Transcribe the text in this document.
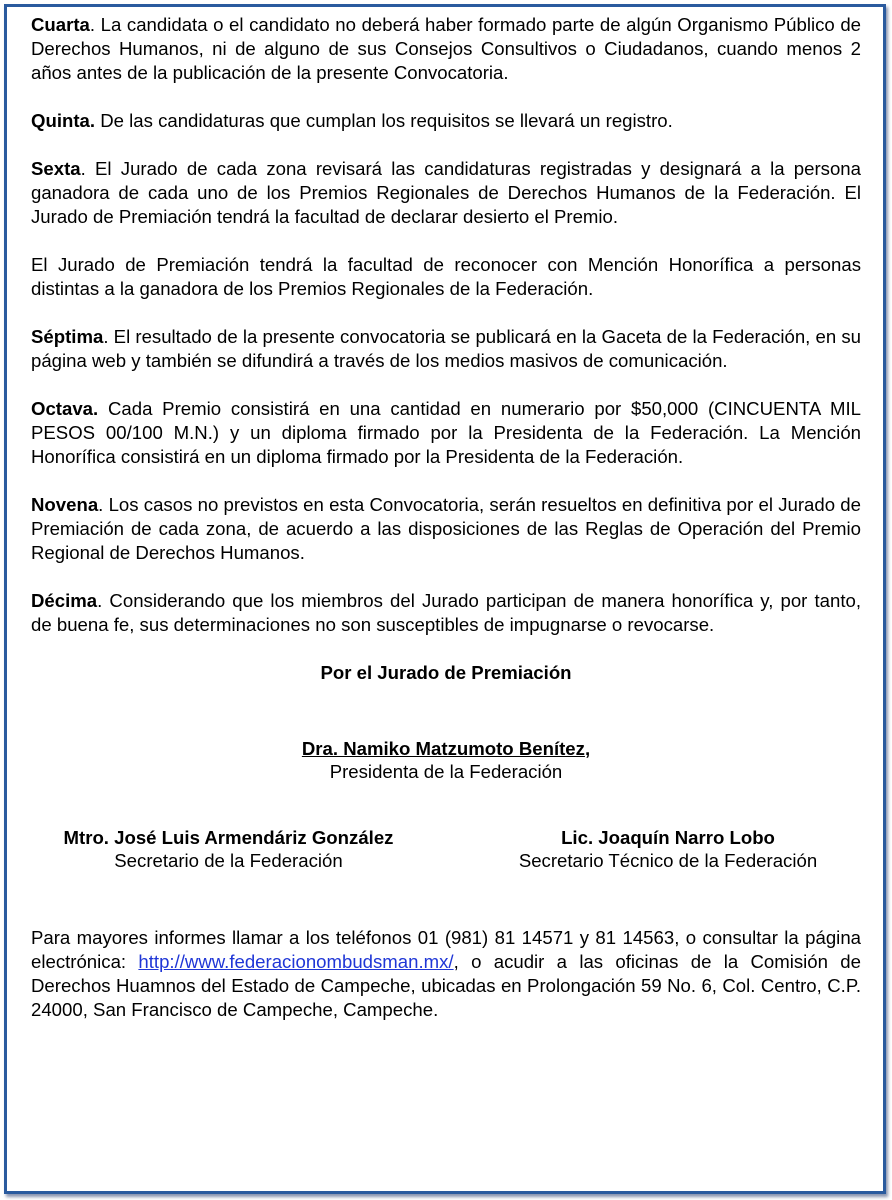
Cuarta. La candidata o el candidato no deberá haber formado parte de algún Organismo Público de Derechos Humanos, ni de alguno de sus Consejos Consultivos o Ciudadanos, cuando menos 2 años antes de la publicación de la presente Convocatoria.

Quinta. De las candidaturas que cumplan los requisitos se llevará un registro.

Sexta. El Jurado de cada zona revisará las candidaturas registradas y designará a la persona ganadora de cada uno de los Premios Regionales de Derechos Humanos de la Federación. El Jurado de Premiación tendrá la facultad de declarar desierto el Premio.

El Jurado de Premiación tendrá la facultad de reconocer con Mención Honorífica a personas distintas a la ganadora de los Premios Regionales de la Federación.

Séptima. El resultado de la presente convocatoria se publicará en la Gaceta de la Federación, en su página web y también se difundirá a través de los medios masivos de comunicación.

Octava. Cada Premio consistirá en una cantidad en numerario por $50,000 (CINCUENTA MIL PESOS 00/100 M.N.) y un diploma firmado por la Presidenta de la Federación. La Mención Honorífica consistirá en un diploma firmado por la Presidenta de la Federación.

Novena. Los casos no previstos en esta Convocatoria, serán resueltos en definitiva por el Jurado de Premiación de cada zona, de acuerdo a las disposiciones de las Reglas de Operación del Premio Regional de Derechos Humanos.

Décima. Considerando que los miembros del Jurado participan de manera honorífica y, por tanto, de buena fe, sus determinaciones no son susceptibles de impugnarse o revocarse.

Por el Jurado de Premiación

Dra. Namiko Matzumoto Benítez,
Presidenta de la Federación
Mtro. José Luis Armendáriz González
Secretario de la Federación
Lic. Joaquín Narro Lobo
Secretario Técnico de la Federación

Para mayores informes llamar a los teléfonos 01 (981) 81 14571 y 81 14563, o consultar la página electrónica: http://www.federacionombudsman.mx/, o acudir a las oficinas de la Comisión de Derechos Huamnos del Estado de Campeche, ubicadas en Prolongación 59 No. 6, Col. Centro, C.P. 24000, San Francisco de Campeche, Campeche.
